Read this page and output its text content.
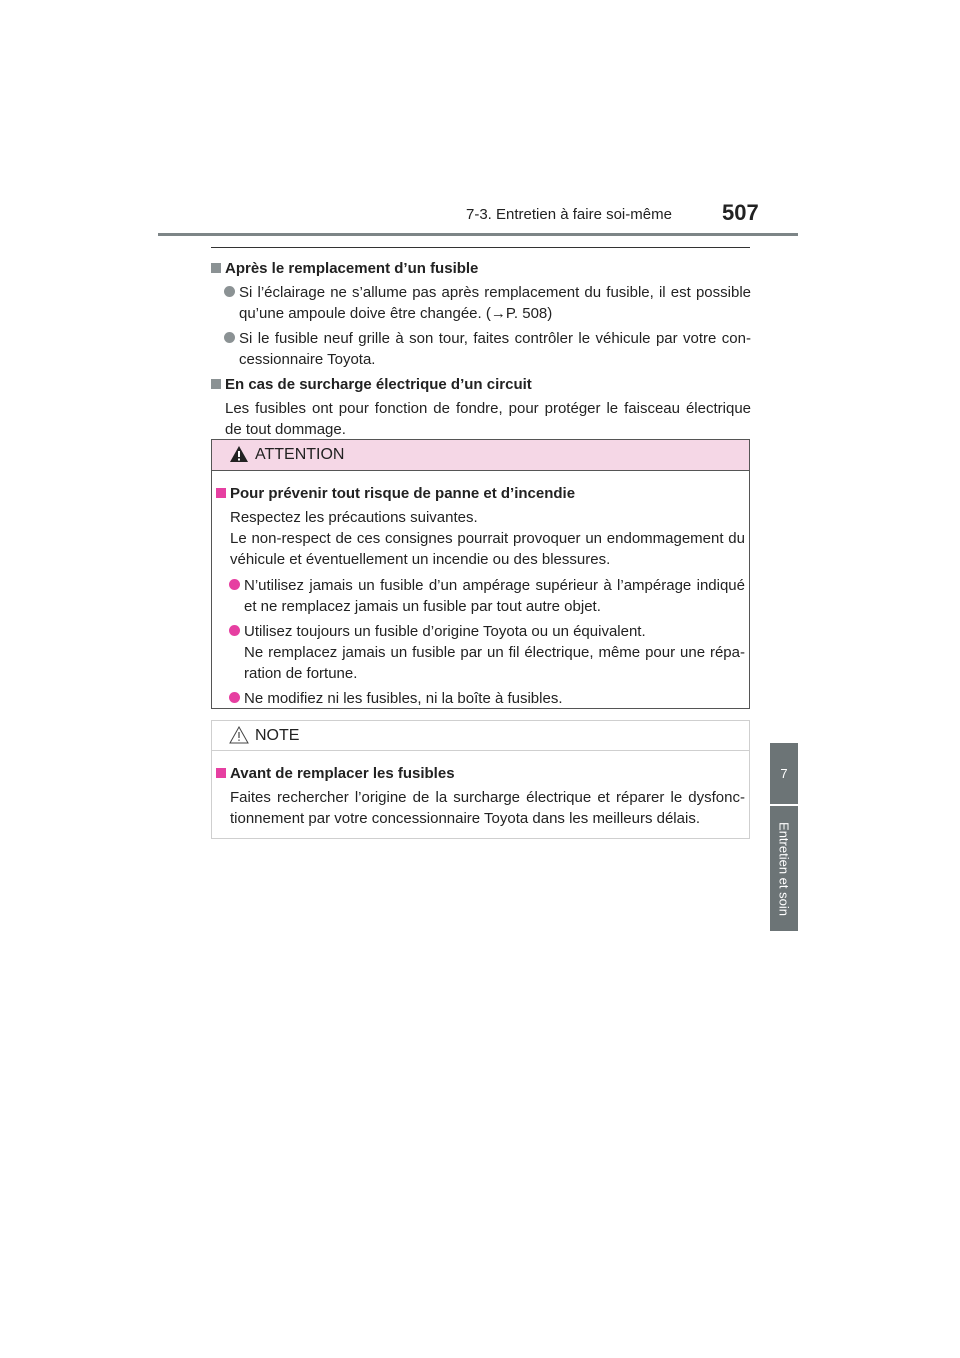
7-3. Entretien à faire soi-même 507
7
Entretien et soin
Après le remplacement d’un fusible
Si l’éclairage ne s’allume pas après remplacement du fusible, il est possible qu’une ampoule doive être changée. (→P. 508)
Si le fusible neuf grille à son tour, faites contrôler le véhicule par votre con-cessionnaire Toyota.
En cas de surcharge électrique d’un circuit
Les fusibles ont pour fonction de fondre, pour protéger le faisceau électrique de tout dommage.
ATTENTION
Pour prévenir tout risque de panne et d’incendie
Respectez les précautions suivantes.
Le non-respect de ces consignes pourrait provoquer un endommagement du véhicule et éventuellement un incendie ou des blessures.
N’utilisez jamais un fusible d’un ampérage supérieur à l’ampérage indiqué et ne remplacez jamais un fusible par tout autre objet.
Utilisez toujours un fusible d’origine Toyota ou un équivalent.
Ne remplacez jamais un fusible par un fil électrique, même pour une répa-ration de fortune.
Ne modifiez ni les fusibles, ni la boîte à fusibles.
NOTE
Avant de remplacer les fusibles
Faites rechercher l’origine de la surcharge électrique et réparer le dysfonc-tionnement par votre concessionnaire Toyota dans les meilleurs délais.
